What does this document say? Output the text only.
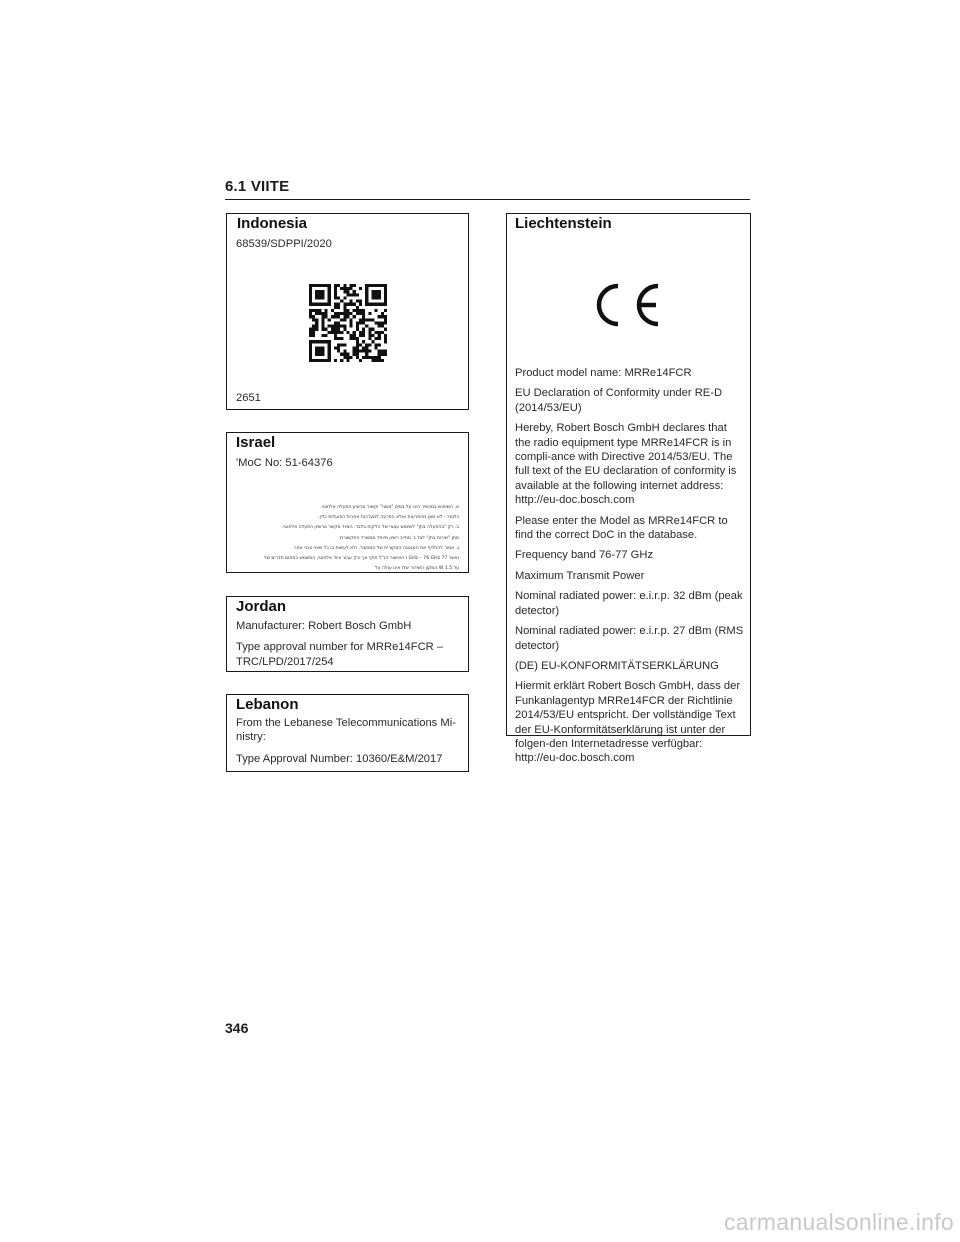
6.1 VIITE
Indonesia

68539/SDPPI/2020

2651

Israel

'MoC No: 51-64376

א. השימוש במכשיר הינו על בסיס "משני" וקשור מרשיון הפעלה אלחוטי.
כלומר - לא מוגן מהפרעות ואלא הפרעה למערכות אחרות הפועלות כדין.
ב. רק "בהפעלה בתן" לשימוש עצמי של הלקוח בלבד. הציוד מקשר מרשיון הפעלה אלחוטי.
מתן "שירות בתן" לצד ג' מחייב רשיון מיוחד ממשרד התקשורת.
ג. אסור להחליף את האנטנה המקורית של המכשיר, ולא לעשות בו כל שינוי טכני אחר.
ואשר 77 GHz – 76 GHz ז האישור הנ"ל חוקי אך ורק עבור ציוד אלחוטי, המשמש בתחום תדרים של
עד 1.5 W המקון השידור שלו אינו עולה על
Jordan

Manufacturer: Robert Bosch GmbH

Type approval number for MRRe14FCR – TRC/LPD/2017/254

Lebanon

From the Lebanese Telecommunications Mi-nistry:

Type Approval Number: 10360/E&M/2017

Liechtenstein

Product model name: MRRe14FCR

EU Declaration of Conformity under RE-D (2014/53/EU)

Hereby, Robert Bosch GmbH declares that the radio equipment type MRRe14FCR is in compli-ance with Directive 2014/53/EU. The full text of the EU declaration of conformity is available at the following internet address: http://eu-doc.bosch.com

Please enter the Model as MRRe14FCR to find the correct DoC in the database.

Frequency band 76-77 GHz

Maximum Transmit Power

Nominal radiated power: e.i.r.p. 32 dBm (peak detector)

Nominal radiated power: e.i.r.p. 27 dBm (RMS detector)

(DE) EU-KONFORMITÄTSERKLÄRUNG

Hiermit erklärt Robert Bosch GmbH, dass der Funkanlagentyp MRRe14FCR der Richtlinie 2014/53/EU entspricht. Der vollständige Text der EU-Konformitätserklärung ist unter der folgen-den Internetadresse verfügbar: http://eu-doc.bosch.com

346
carmanualsonline.info
